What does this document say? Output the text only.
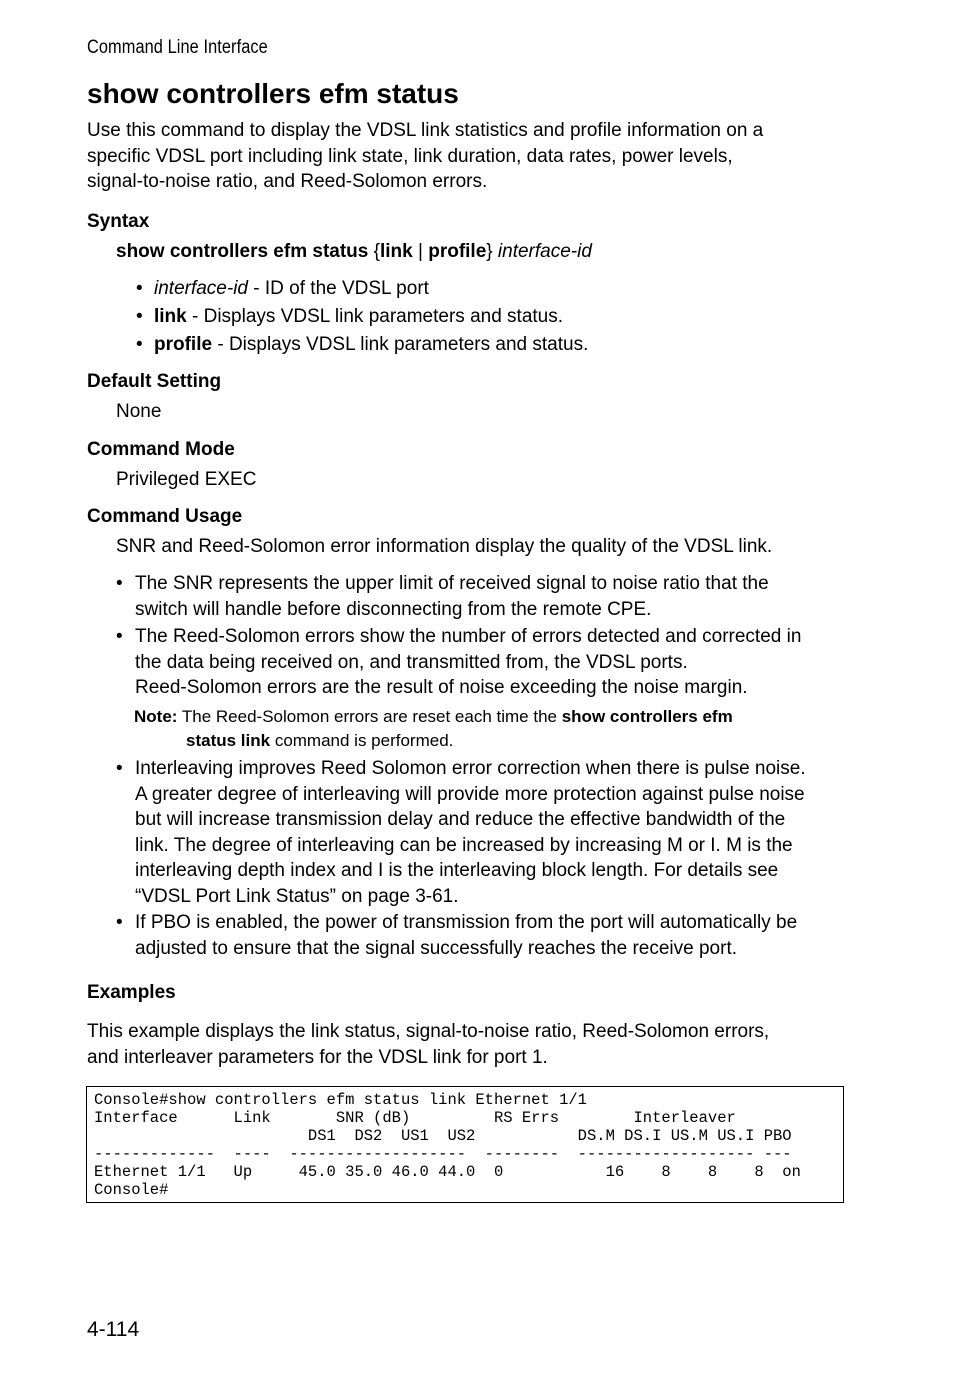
Command Line Interface
show controllers efm status
Use this command to display the VDSL link statistics and profile information on a
specific VDSL port including link state, link duration, data rates, power levels,
signal-to-noise ratio, and Reed-Solomon errors.
Syntax
show controllers efm status {link | profile} interface-id
• interface-id - ID of the VDSL port
• link - Displays VDSL link parameters and status.
• profile - Displays VDSL link parameters and status.
Default Setting
None
Command Mode
Privileged EXEC
Command Usage
SNR and Reed-Solomon error information display the quality of the VDSL link.
• The SNR represents the upper limit of received signal to noise ratio that the
switch will handle before disconnecting from the remote CPE.
• The Reed-Solomon errors show the number of errors detected and corrected in
the data being received on, and transmitted from, the VDSL ports.
Reed-Solomon errors are the result of noise exceeding the noise margin.
Note: The Reed-Solomon errors are reset each time the show controllers efm
status link command is performed.
• Interleaving improves Reed Solomon error correction when there is pulse noise.
A greater degree of interleaving will provide more protection against pulse noise
but will increase transmission delay and reduce the effective bandwidth of the
link. The degree of interleaving can be increased by increasing M or I. M is the
interleaving depth index and I is the interleaving block length. For details see
“VDSL Port Link Status” on page 3-61.
• If PBO is enabled, the power of transmission from the port will automatically be
adjusted to ensure that the signal successfully reaches the receive port.
Examples
This example displays the link status, signal-to-noise ratio, Reed-Solomon errors,
and interleaver parameters for the VDSL link for port 1.
Console#show controllers efm status link Ethernet 1/1
Interface      Link       SNR (dB)         RS Errs        Interleaver
DS1  DS2  US1  US2           DS.M DS.I US.M US.I PBO
-------------  ----  -------------------  --------  ------------------- ---
Ethernet 1/1   Up     45.0 35.0 46.0 44.0  0           16    8    8    8  on
Console#
4-114
